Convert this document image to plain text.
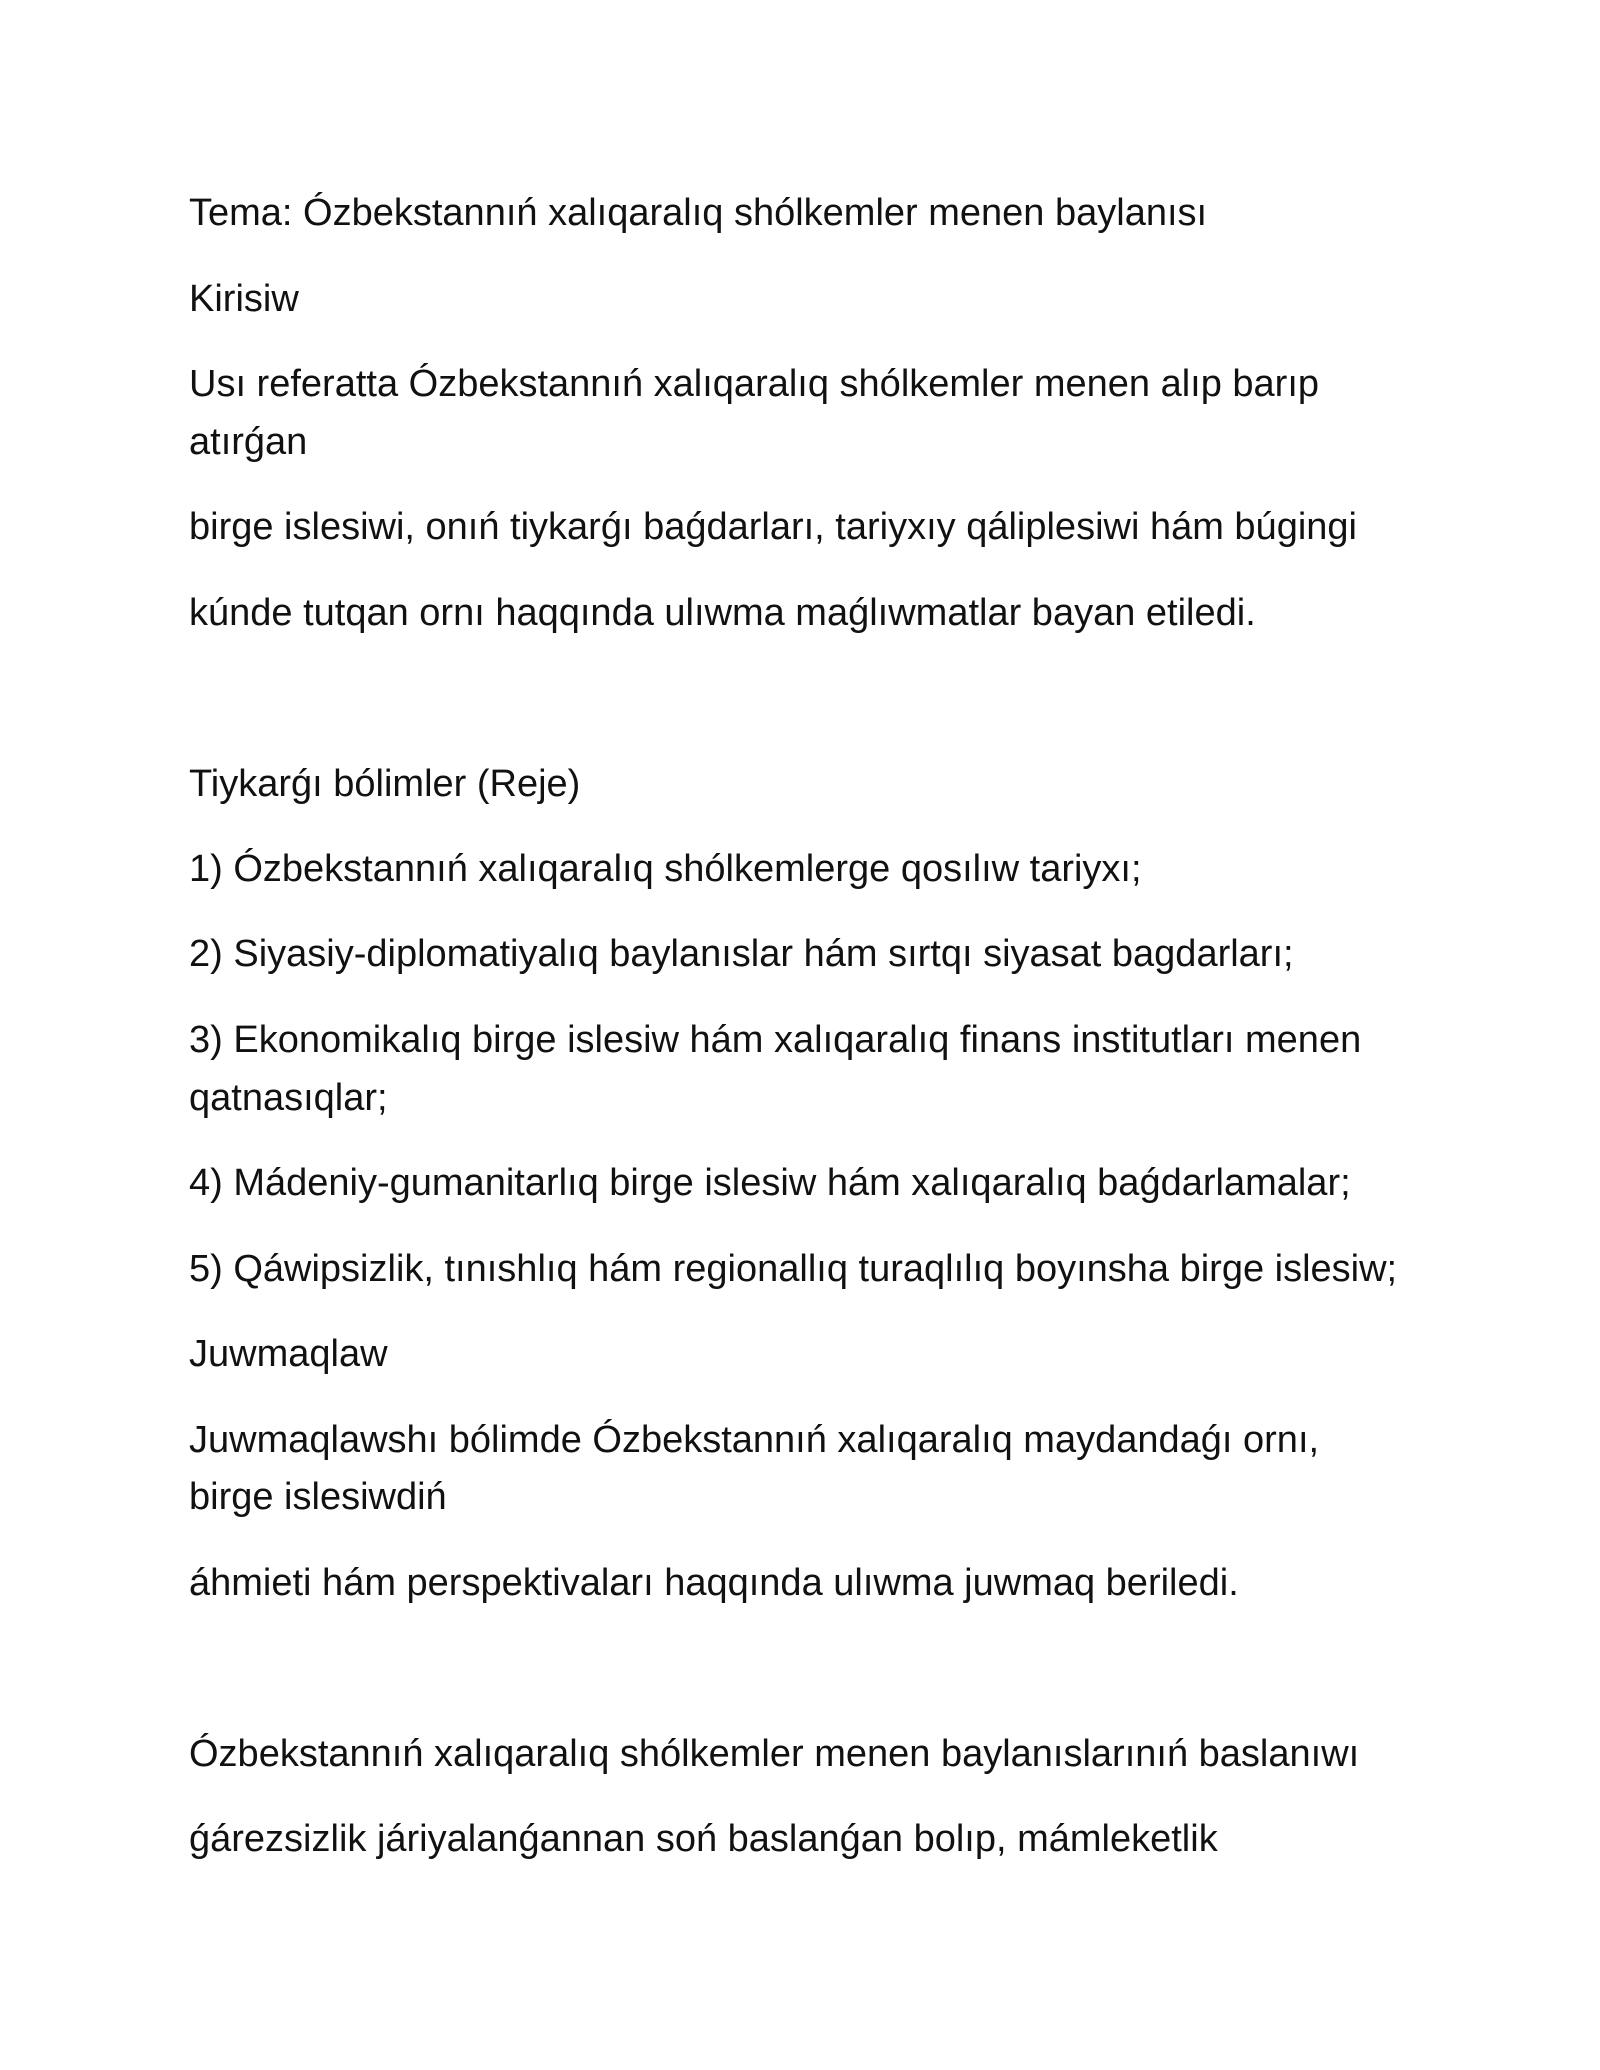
Tema: Ózbekstannıń xalıqaralıq shólkemler menen baylanısı
Kirisiw
Usı referatta Ózbekstannıń xalıqaralıq shólkemler menen alıp barıp
atırǵan
birge islesiwi, onıń tiykarǵı baǵdarları, tariyxıy qáliplesiwi hám búgingi
kúnde tutqan ornı haqqında ulıwma maǵlıwmatlar bayan etiledi.
Tiykarǵı bólimler (Reje)
1) Ózbekstannıń xalıqaralıq shólkemlerge qosılıw tariyxı;
2) Siyasiy-diplomatiyalıq baylanıslar hám sırtqı siyasat bagdarları;
3) Ekonomikalıq birge islesiw hám xalıqaralıq finans institutları menen
qatnasıqlar;
4) Mádeniy-gumanitarlıq birge islesiw hám xalıqaralıq baǵdarlamalar;
5) Qáwipsizlik, tınıshlıq hám regionallıq turaqlılıq boyınsha birge islesiw;
Juwmaqlaw
Juwmaqlawshı bólimde Ózbekstannıń xalıqaralıq maydandaǵı ornı,
birge islesiwdiń
áhmieti hám perspektivaları haqqında ulıwma juwmaq beriledi.
Ózbekstannıń xalıqaralıq shólkemler menen baylanıslarınıń baslanıwı
ǵárezsizlik járiyalanǵannan soń baslanǵan bolıp, mámleketlik
